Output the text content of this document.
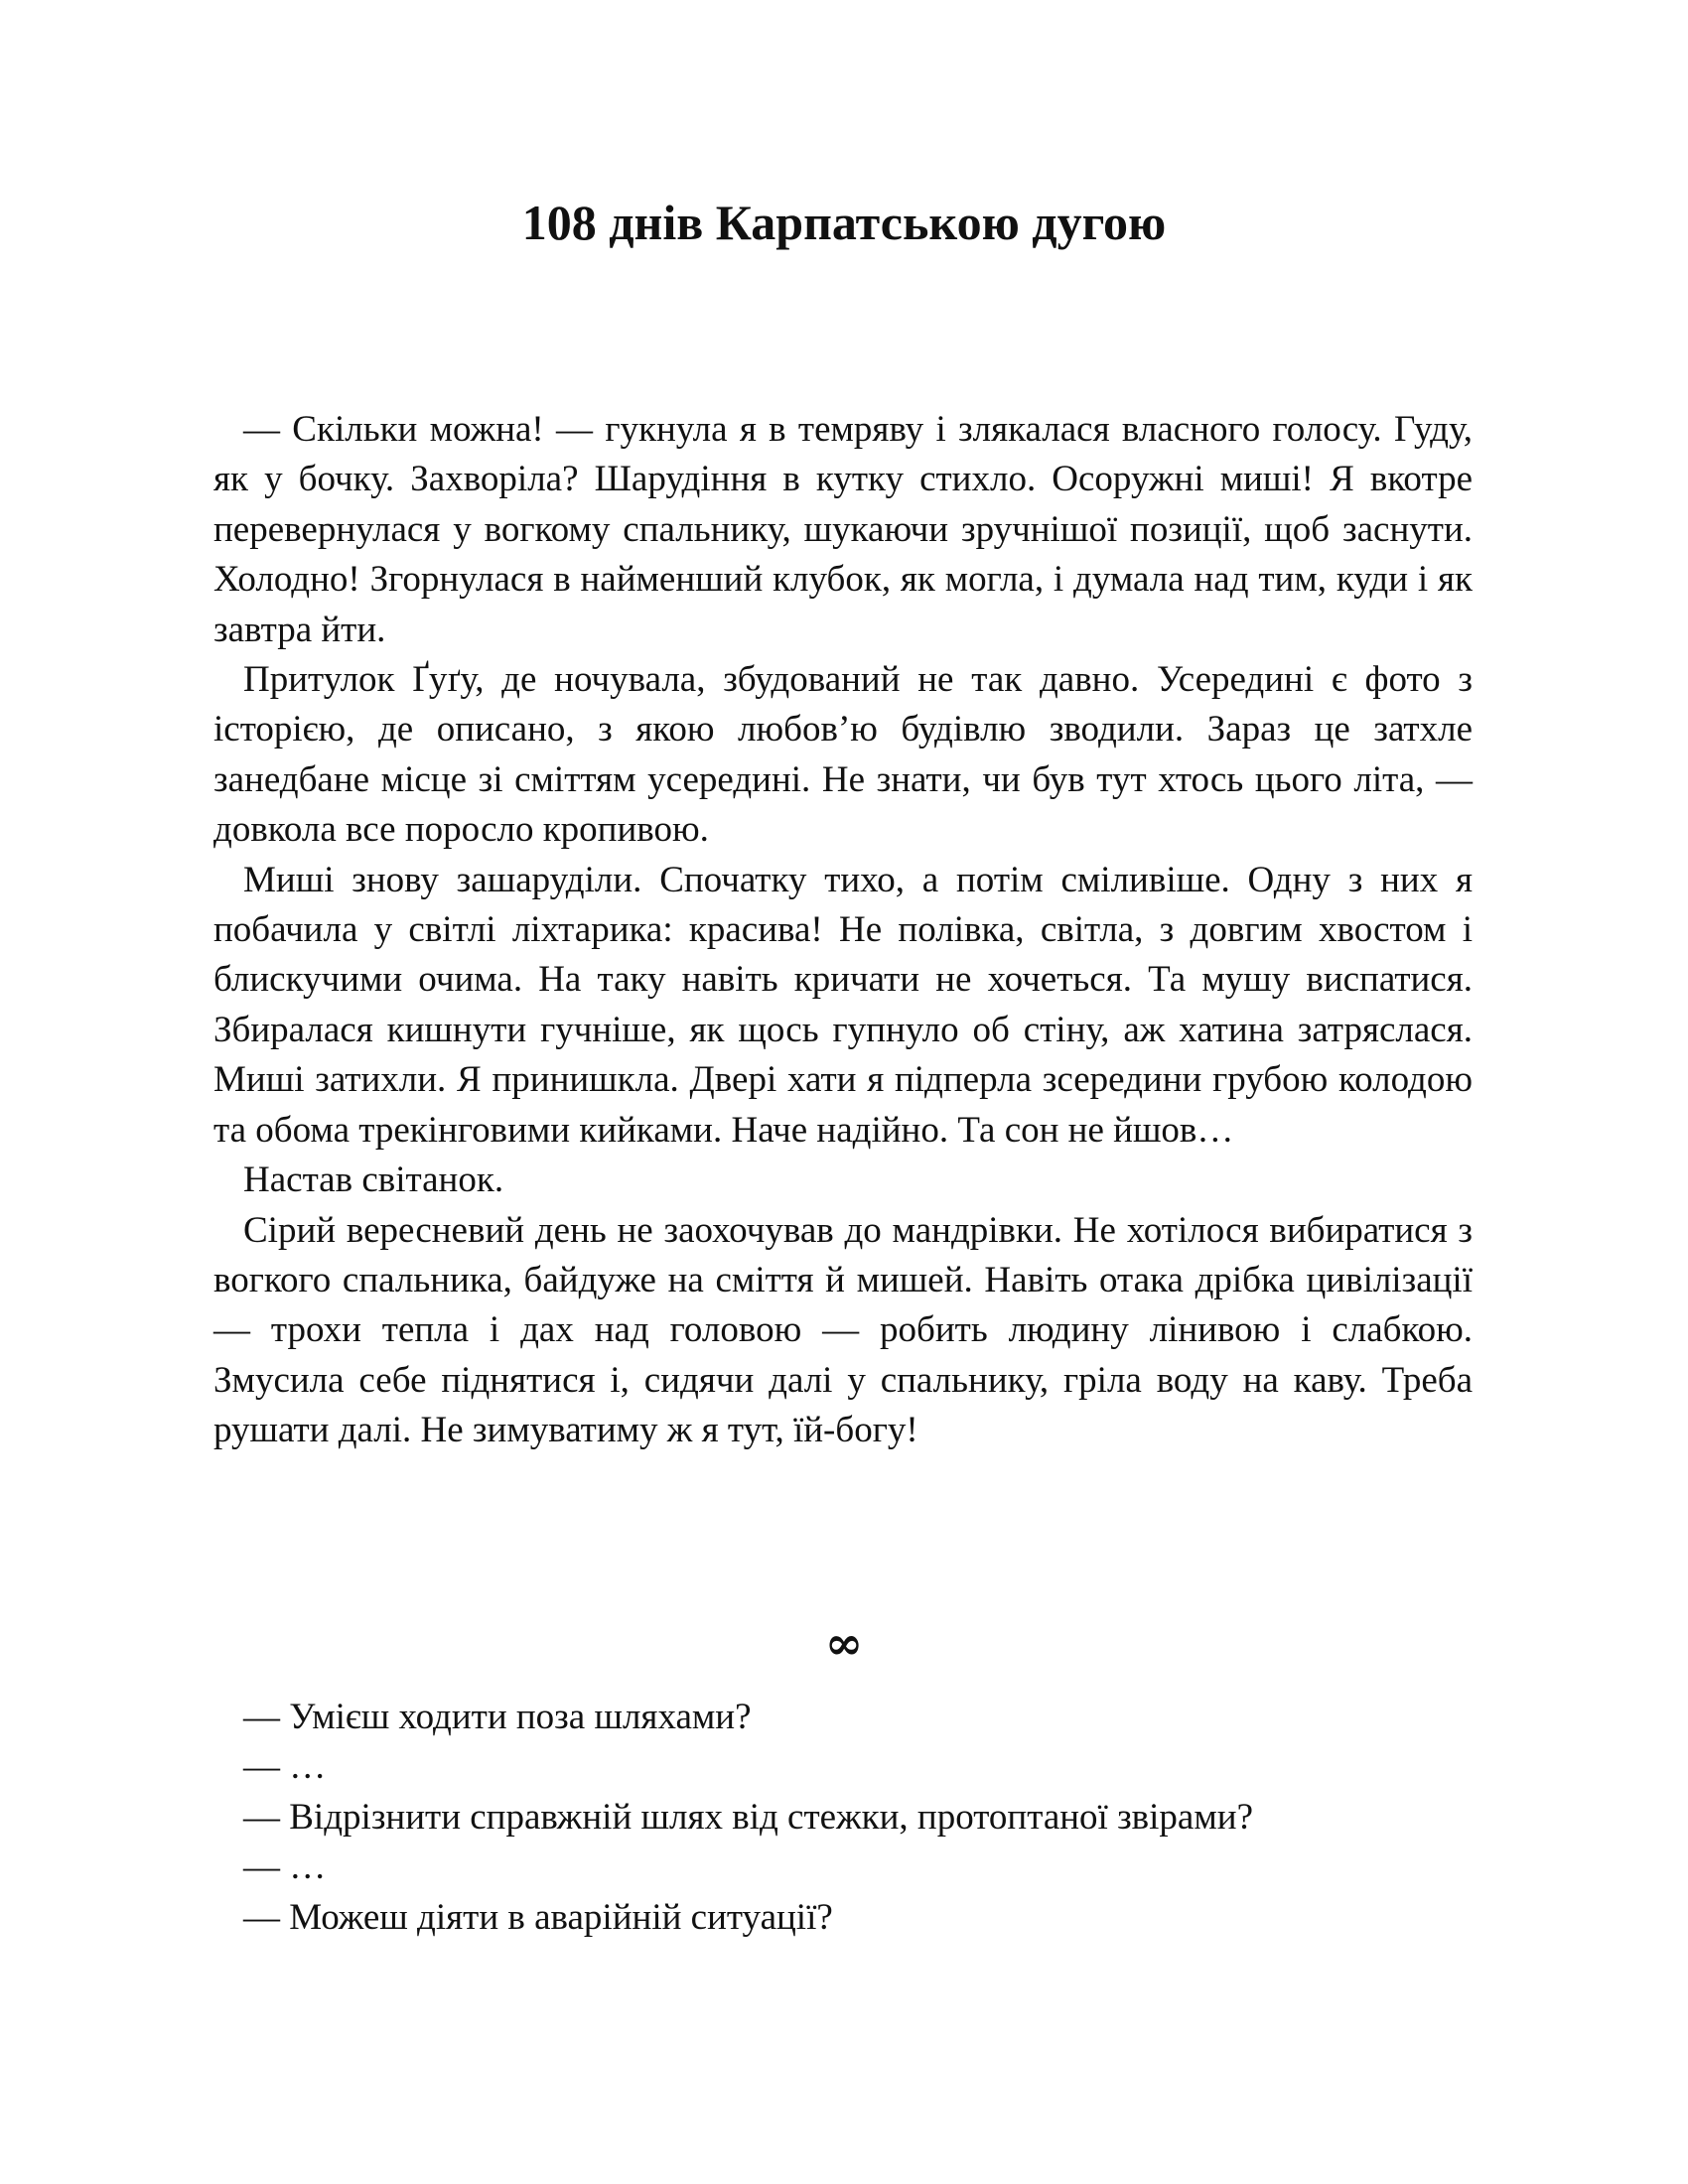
108 днів Карпатською дугою

— Скільки можна! — гукнула я в темряву і злякалася власного голосу. Гуду, як у бочку. Захворіла? Шарудіння в кутку стихло. Осоружні миші! Я вкотре перевернулася у вогкому спальнику, шукаючи зручнішої позиції, щоб заснути. Холодно! Згорнулася в найменший клубок, як могла, і думала над тим, куди і як завтра йти.

Притулок Ґуґу, де ночувала, збудований не так давно. Усередині є фото з історією, де описано, з якою любов’ю будівлю зводили. Зараз це затхле занедбане місце зі сміттям усередині. Не знати, чи був тут хтось цього літа, — довкола все поросло кропивою.

Миші знову зашаруділи. Спочатку тихо, а потім сміливіше. Одну з них я побачила у світлі ліхтарика: красива! Не полівка, світла, з довгим хвостом і блискучими очима. На таку навіть кричати не хочеться. Та мушу виспатися. Збиралася кишнути гучніше, як щось гупнуло об стіну, аж хатина затряслася. Миші затихли. Я принишкла. Двері хати я підперла зсередини грубою колодою та обома трекінговими кийками. Наче надійно. Та сон не йшов…

Настав світанок.

Сірий вересневий день не заохочував до мандрівки. Не хотілося вибиратися з вогкого спальника, байдуже на сміття й мишей. Навіть отака дрібка цивілізації — трохи тепла і дах над головою — робить людину лінивою і слабкою. Змусила себе піднятися і, сидячи далі у спальнику, гріла воду на каву. Треба рушати далі. Не зимуватиму ж я тут, їй-богу!

∞

— Умієш ходити поза шляхами?

— …

— Відрізнити справжній шлях від стежки, протоптаної звірами?

— …

— Можеш діяти в аварійній ситуації?
